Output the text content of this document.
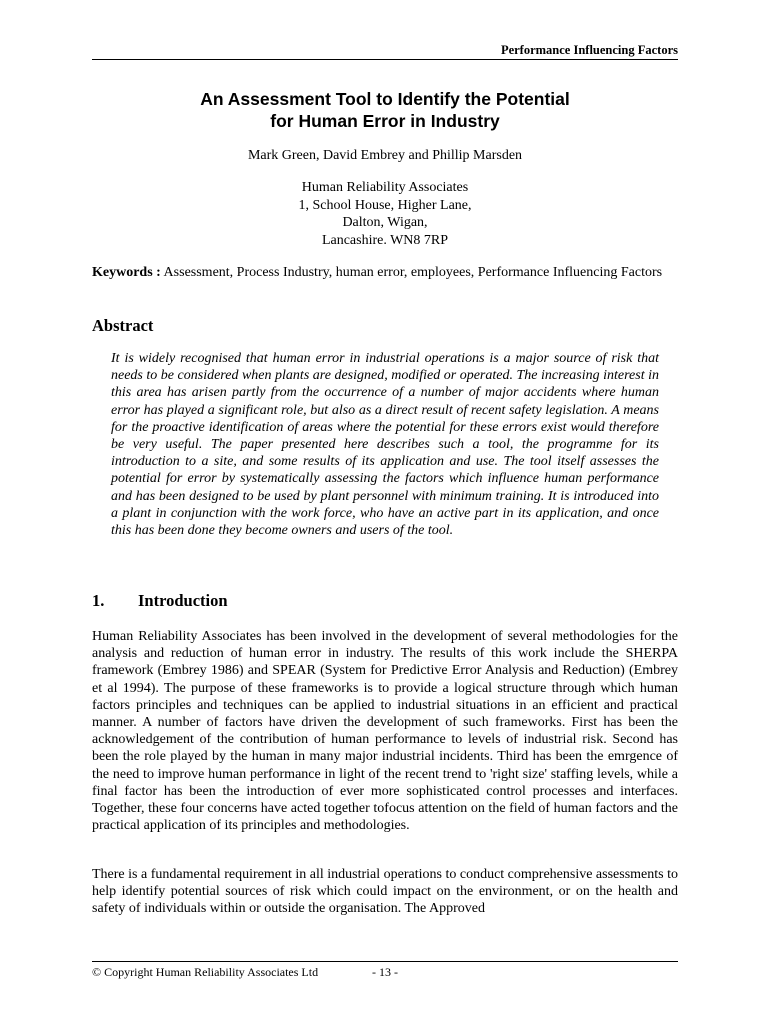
Performance Influencing Factors
An Assessment Tool to Identify the Potential
for Human Error in Industry
Mark Green, David Embrey and Phillip Marsden
Human Reliability Associates
1, School House, Higher Lane,
Dalton, Wigan,
Lancashire. WN8 7RP
Keywords : Assessment, Process Industry, human error, employees, Performance Influencing Factors
Abstract
It is widely recognised that human error in industrial operations is a major source of risk that needs to be considered when plants are designed, modified or operated. The increasing interest in this area has arisen partly from the occurrence of a number of major accidents where human error has played a significant role, but also as a direct result of recent safety legislation. A means for the proactive identification of areas where the potential for these errors exist would therefore be very useful. The paper presented here describes such a tool, the programme for its introduction to a site, and some results of its application and use. The tool itself assesses the potential for error by systematically assessing the factors which influence human performance and has been designed to be used by plant personnel with minimum training. It is introduced into a plant in conjunction with the work force, who have an active part in its application, and once this has been done they become owners and users of the tool.
1. Introduction
Human Reliability Associates has been involved in the development of several methodologies for the analysis and reduction of human error in industry. The results of this work include the SHERPA framework (Embrey 1986) and SPEAR (System for Predictive Error Analysis and Reduction) (Embrey et al 1994). The purpose of these frameworks is to provide a logical structure through which human factors principles and techniques can be applied to industrial situations in an efficient and practical manner. A number of factors have driven the development of such frameworks. First has been the acknowledgement of the contribution of human performance to levels of industrial risk. Second has been the role played by the human in many major industrial incidents. Third has been the emrgence of the need to improve human performance in light of the recent trend to 'right size' staffing levels, while a final factor has been the introduction of ever more sophisticated control processes and interfaces. Together, these four concerns have acted together tofocus attention on the field of human factors and the practical application of its principles and methodologies.
There is a fundamental requirement in all industrial operations to conduct comprehensive assessments to help identify potential sources of risk which could impact on the environment, or on the health and safety of individuals within or outside the organisation. The Approved
© Copyright Human Reliability Associates Ltd	- 13 -
